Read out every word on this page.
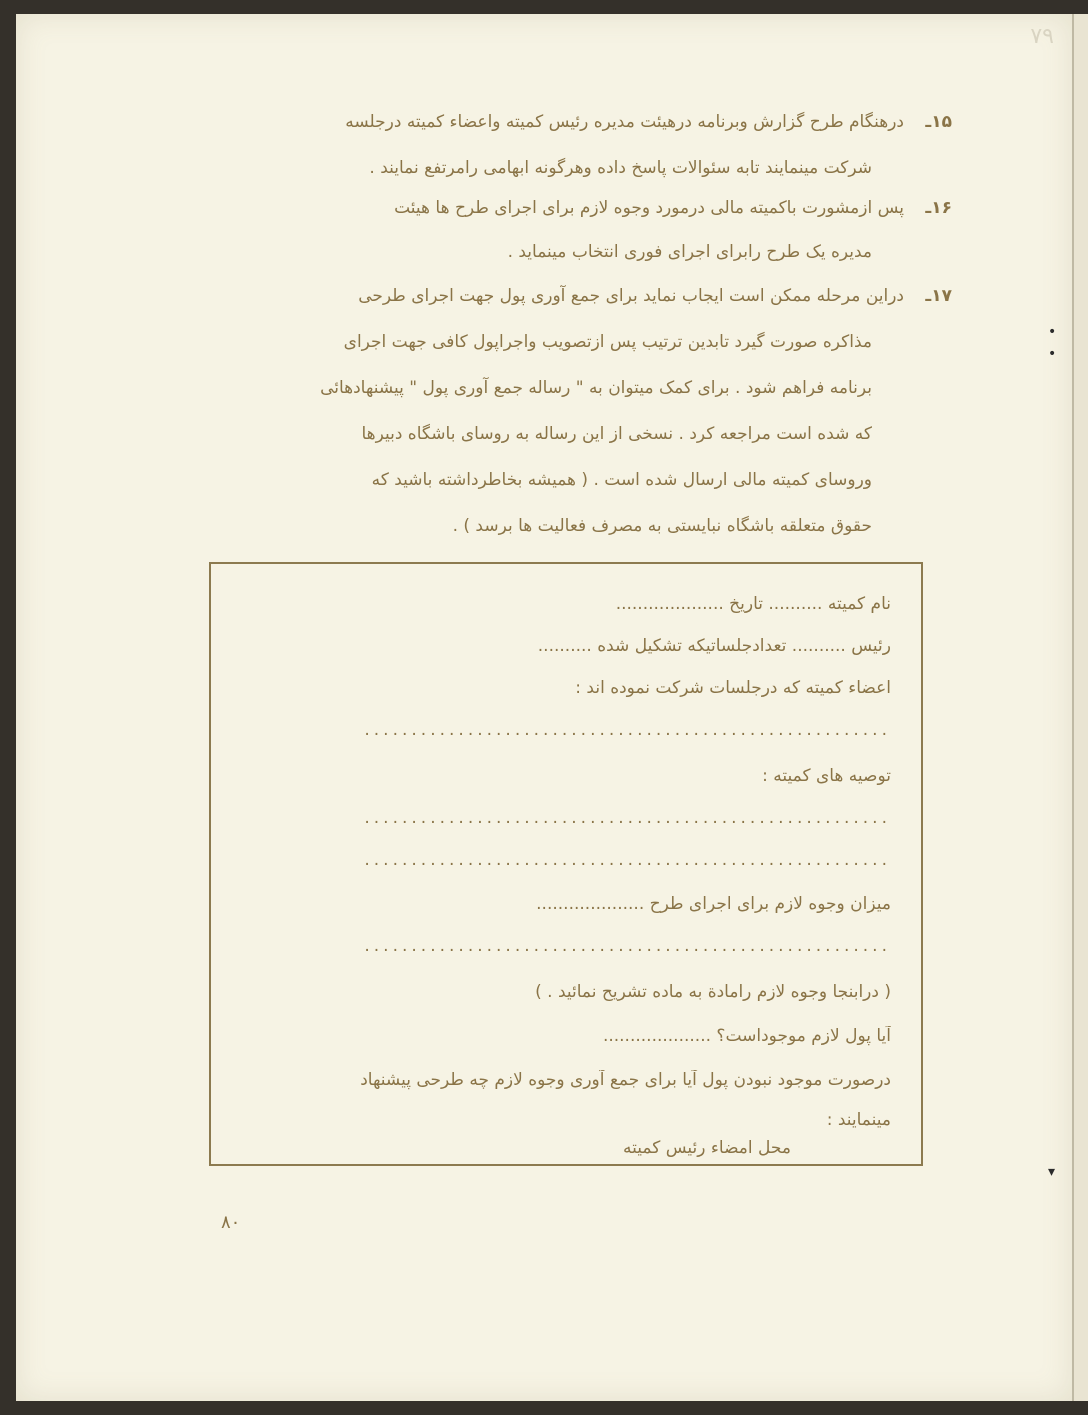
٧٩
۱۵ـ
درهنگام طرح گزارش وبرنامه درهیئت مدیره رئیس کمیته واعضاء کمیته درجلسه
شرکت مینمایند تابه سئوالات پاسخ داده وهرگونه ابهامی رامرتفع نمایند .
۱۶ـ
پس ازمشورت باکمیته مالی درمورد وجوه لازم برای اجرای طرح ها هیئت
مدیره یک طرح رابرای اجرای فوری انتخاب مینماید .
۱۷ـ
دراین مرحله ممکن است ایجاب نماید برای جمع آوری پول جهت اجرای طرحی
مذاکره صورت گیرد تابدین ترتیب پس ازتصویب واجراپول کافی جهت اجرای
برنامه فراهم شود . برای کمک میتوان به " رساله جمع آوری پول " پیشنهادهائی
که شده است مراجعه کرد . نسخی از این رساله به روسای باشگاه دبیرها
وروسای کمیته مالی ارسال شده است . ( همیشه بخاطرداشته باشید که
حقوق متعلقه باشگاه نبایستی به مصرف فعالیت ها برسد ) .
نام کمیته .......... تاریخ ....................
رئیس .......... تعدادجلساتیکه تشکیل شده ..........
اعضاء کمیته که درجلسات شرکت نموده اند :
........................................................
توصیه های کمیته :
........................................................
........................................................
میزان وجوه لازم برای اجرای طرح ....................
........................................................
( درابنجا وجوه لازم رامادة به ماده تشریح نمائید . )
آیا پول لازم موجوداست؟ ....................
درصورت موجود نبودن پول آیا برای جمع آوری وجوه لازم چه طرحی پیشنهاد
مینمایند :
محل امضاء رئیس کمیته
۸۰
•
•
▾
